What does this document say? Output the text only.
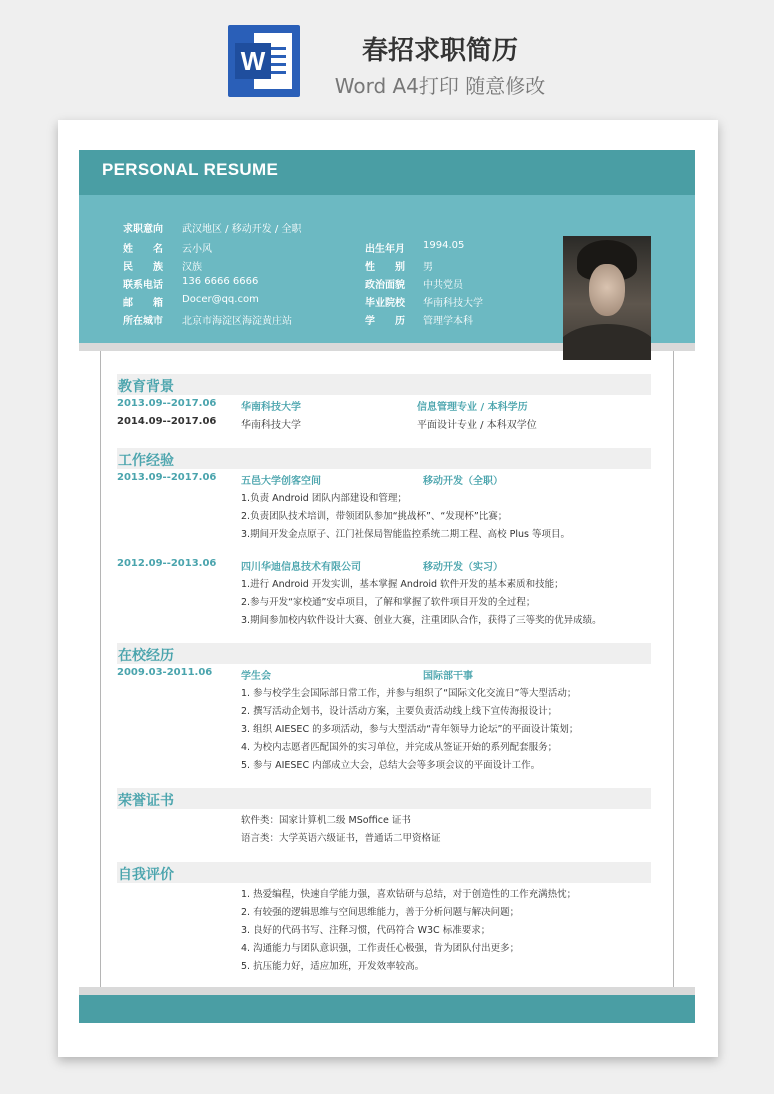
W	春招求职简历
Word A4打印 随意修改
PERSONAL RESUME
求职意向 武汉地区 / 移动开发 / 全职
姓　　名 云小风
民　　族 汉族
联系电话 136 6666 6666
邮　　箱 Docer@qq.com
所在城市 北京市海淀区海淀黄庄站
出生年月 1994.05
性　　别 男
政治面貌 中共党员
毕业院校 华南科技大学
学　　历 管理学本科
教育背景
2013.09--2017.06 华南科技大学	信息管理专业 / 本科学历
2014.09--2017.06 华南科技大学	平面设计专业 / 本科双学位
工作经验
2013.09--2017.06 五邑大学创客空间	移动开发（全职）
1.负责 Android 团队内部建设和管理；
2.负责团队技术培训，带领团队参加“挑战杯”、“发现杯”比赛；
3.期间开发金点原子、江门社保局智能监控系统二期工程、高校 Plus 等项目。
2012.09--2013.06 四川华迪信息技术有限公司	移动开发（实习）
1.进行 Android 开发实训，基本掌握 Android 软件开发的基本素质和技能；
2.参与开发“家校通”安卓项目，了解和掌握了软件项目开发的全过程；
3.期间参加校内软件设计大赛、创业大赛，注重团队合作，获得了三等奖的优异成绩。
在校经历
2009.03-2011.06	学生会	国际部干事
1. 参与校学生会国际部日常工作，并参与组织了“国际文化交流日”等大型活动；
2. 撰写活动企划书，设计活动方案，主要负责活动线上线下宣传海报设计；
3. 组织 AIESEC 的多项活动，参与大型活动“青年领导力论坛”的平面设计策划；
4. 为校内志愿者匹配国外的实习单位，并完成从签证开始的系列配套服务；
5. 参与 AIESEC 内部成立大会，总结大会等多项会议的平面设计工作。
荣誉证书
软件类：国家计算机二级 MSoffice 证书
语言类：大学英语六级证书，普通话二甲资格证
自我评价
1. 热爱编程，快速自学能力强，喜欢钻研与总结，对于创造性的工作充满热忱；
2. 有较强的逻辑思维与空间思维能力，善于分析问题与解决问题；
3. 良好的代码书写、注释习惯，代码符合 W3C 标准要求；
4. 沟通能力与团队意识强，工作责任心极强，肯为团队付出更多；
5. 抗压能力好，适应加班，开发效率较高。
